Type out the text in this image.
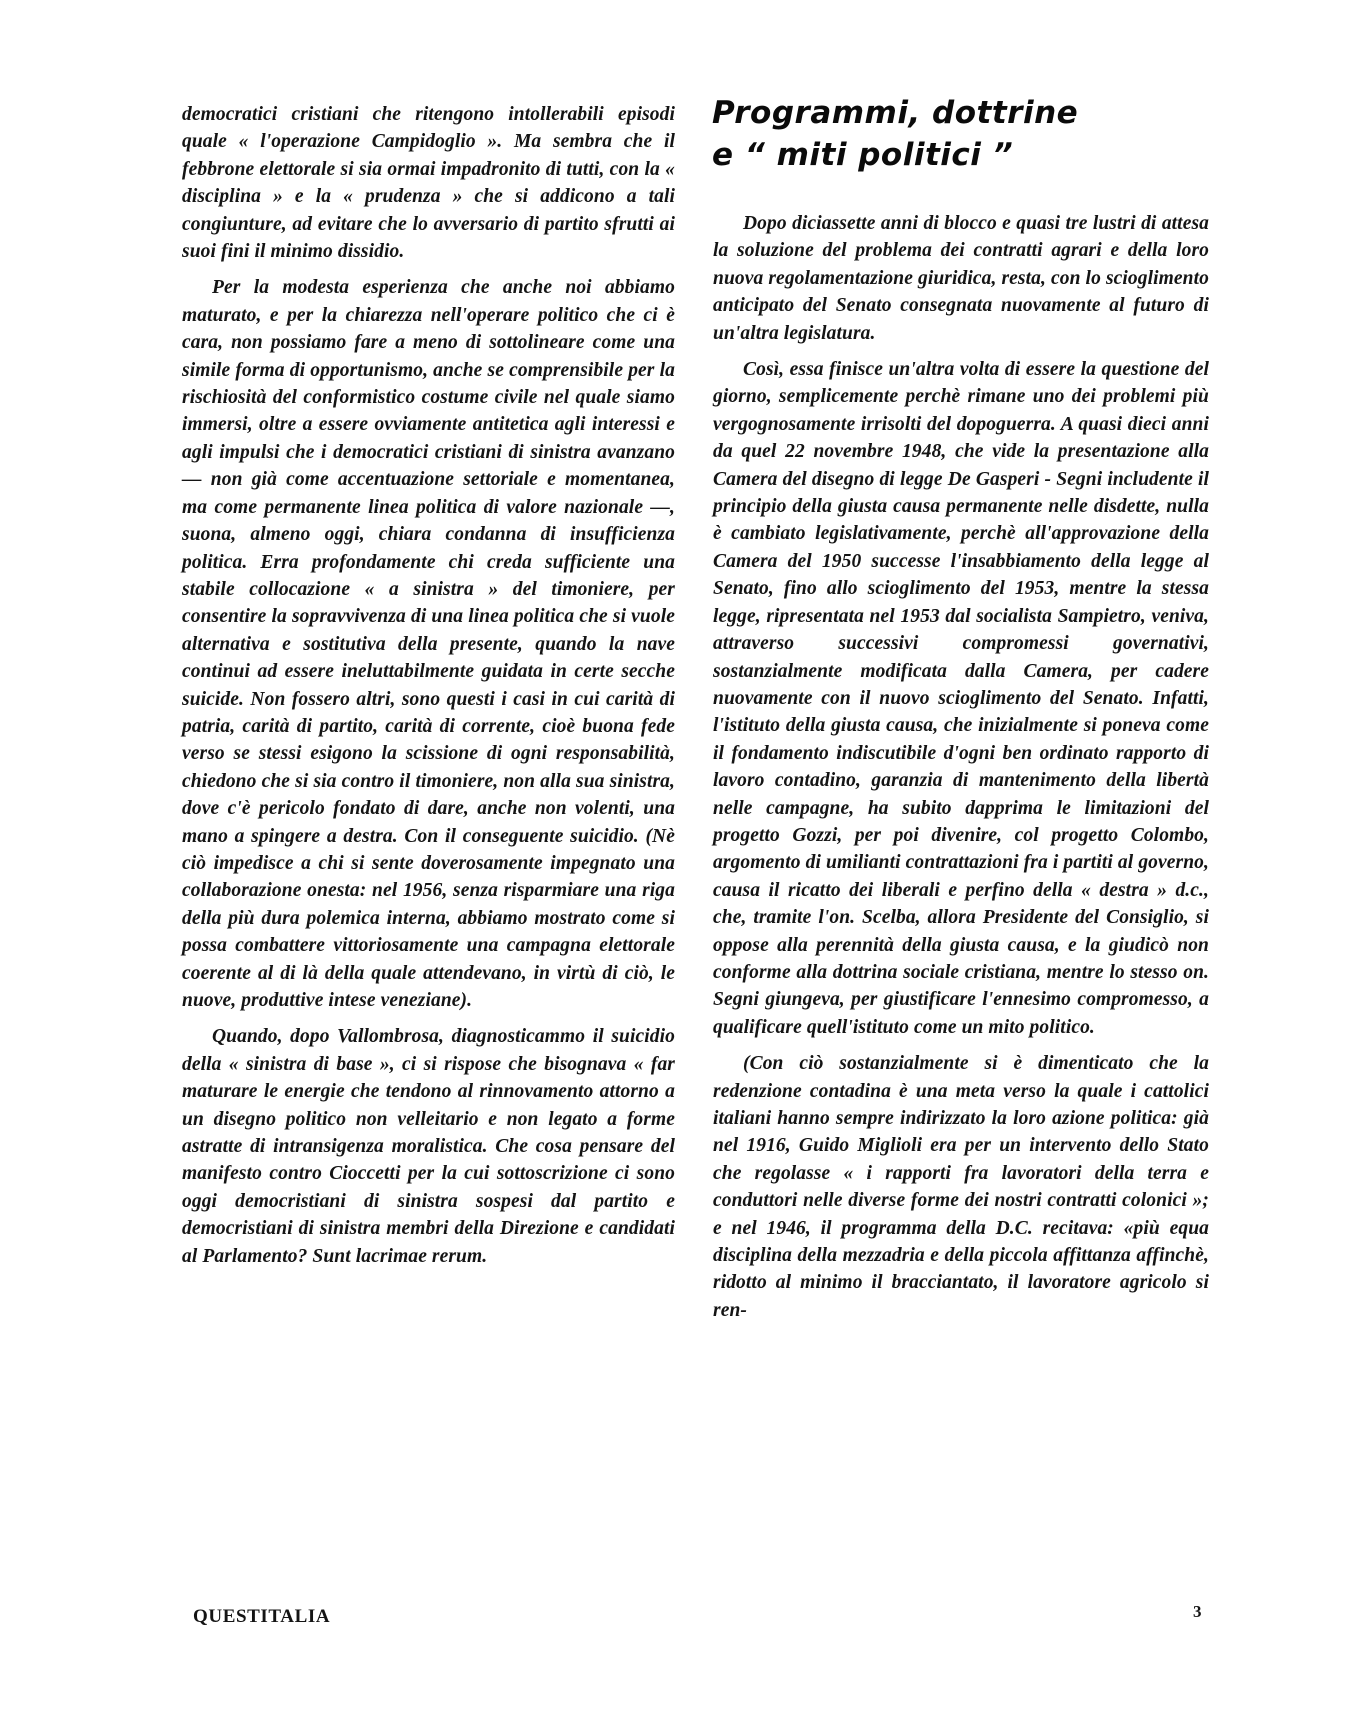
democratici cristiani che ritengono intollerabili episodi quale « l'operazione Campidoglio ». Ma sembra che il febbrone elettorale si sia ormai impadronito di tutti, con la « disciplina » e la « prudenza » che si addicono a tali congiunture, ad evitare che lo avversario di partito sfrutti ai suoi fini il minimo dissidio.

Per la modesta esperienza che anche noi abbiamo maturato, e per la chiarezza nell'operare politico che ci è cara, non possiamo fare a meno di sottolineare come una simile forma di opportunismo, anche se comprensibile per la rischiosità del conformistico costume civile nel quale siamo immersi, oltre a essere ovviamente antitetica agli interessi e agli impulsi che i democratici cristiani di sinistra avanzano — non già come accentuazione settoriale e momentanea, ma come permanente linea politica di valore nazionale —, suona, almeno oggi, chiara condanna di insufficienza politica. Erra profondamente chi creda sufficiente una stabile collocazione « a sinistra » del timoniere, per consentire la sopravvivenza di una linea politica che si vuole alternativa e sostitutiva della presente, quando la nave continui ad essere ineluttabilmente guidata in certe secche suicide. Non fossero altri, sono questi i casi in cui carità di patria, carità di partito, carità di corrente, cioè buona fede verso se stessi esigono la scissione di ogni responsabilità, chiedono che si sia contro il timoniere, non alla sua sinistra, dove c'è pericolo fondato di dare, anche non volenti, una mano a spingere a destra. Con il conseguente suicidio. (Nè ciò impedisce a chi si sente doverosamente impegnato una collaborazione onesta: nel 1956, senza risparmiare una riga della più dura polemica interna, abbiamo mostrato come si possa combattere vittoriosamente una campagna elettorale coerente al di là della quale attendevano, in virtù di ciò, le nuove, produttive intese veneziane).

Quando, dopo Vallombrosa, diagnosticammo il suicidio della « sinistra di base », ci si rispose che bisognava « far maturare le energie che tendono al rinnovamento attorno a un disegno politico non velleitario e non legato a forme astratte di intransigenza moralistica. Che cosa pensare del manifesto contro Cioccetti per la cui sottoscrizione ci sono oggi democristiani di sinistra sospesi dal partito e democristiani di sinistra membri della Direzione e candidati al Parlamento? Sunt lacrimae rerum.

Programmi, dottrine
e “ miti politici ”

Dopo diciassette anni di blocco e quasi tre lustri di attesa la soluzione del problema dei contratti agrari e della loro nuova regolamentazione giuridica, resta, con lo scioglimento anticipato del Senato consegnata nuovamente al futuro di un'altra legislatura.

Così, essa finisce un'altra volta di essere la questione del giorno, semplicemente perchè rimane uno dei problemi più vergognosamente irrisolti del dopoguerra. A quasi dieci anni da quel 22 novembre 1948, che vide la presentazione alla Camera del disegno di legge De Gasperi - Segni includente il principio della giusta causa permanente nelle disdette, nulla è cambiato legislativamente, perchè all'approvazione della Camera del 1950 successe l'insabbiamento della legge al Senato, fino allo scioglimento del 1953, mentre la stessa legge, ripresentata nel 1953 dal socialista Sampietro, veniva, attraverso successivi compromessi governativi, sostanzialmente modificata dalla Camera, per cadere nuovamente con il nuovo scioglimento del Senato. Infatti, l'istituto della giusta causa, che inizialmente si poneva come il fondamento indiscutibile d'ogni ben ordinato rapporto di lavoro contadino, garanzia di mantenimento della libertà nelle campagne, ha subito dapprima le limitazioni del progetto Gozzi, per poi divenire, col progetto Colombo, argomento di umilianti contrattazioni fra i partiti al governo, causa il ricatto dei liberali e perfino della « destra » d.c., che, tramite l'on. Scelba, allora Presidente del Consiglio, si oppose alla perennità della giusta causa, e la giudicò non conforme alla dottrina sociale cristiana, mentre lo stesso on. Segni giungeva, per giustificare l'ennesimo compromesso, a qualificare quell'istituto come un mito politico.

(Con ciò sostanzialmente si è dimenticato che la redenzione contadina è una meta verso la quale i cattolici italiani hanno sempre indirizzato la loro azione politica: già nel 1916, Guido Miglioli era per un intervento dello Stato che regolasse « i rapporti fra lavoratori della terra e conduttori nelle diverse forme dei nostri contratti colonici »; e nel 1946, il programma della D.C. recitava: «più equa disciplina della mezzadria e della piccola affittanza affinchè, ridotto al minimo il bracciantato, il lavoratore agricolo si ren-

QUESTITALIA	3
